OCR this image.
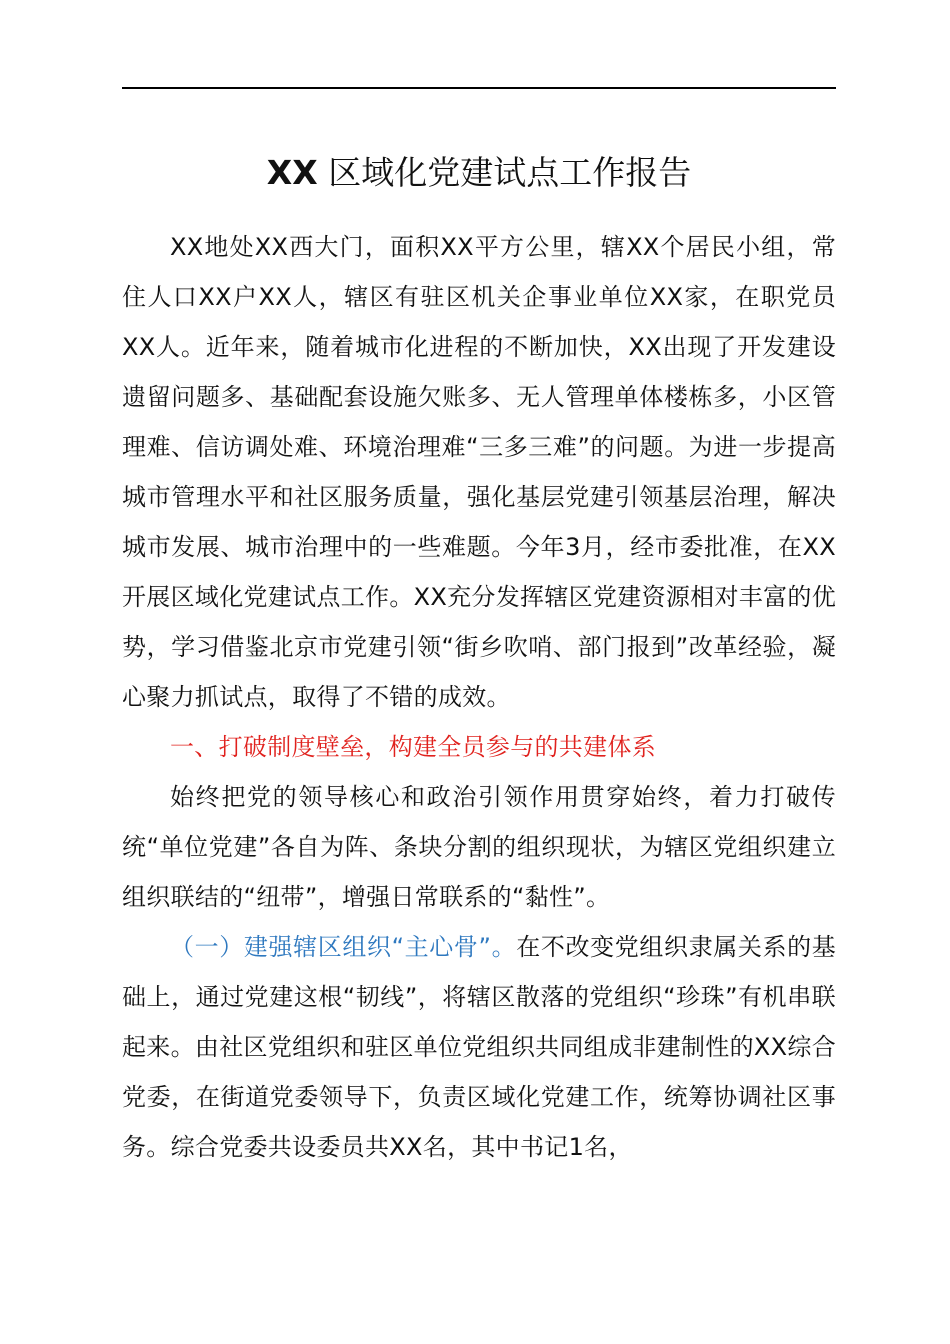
XX 区域化党建试点工作报告

XX地处XX西大门，面积XX平方公里，辖XX个居民小组，常住人口XX户XX人，辖区有驻区机关企事业单位XX家，在职党员XX人。近年来，随着城市化进程的不断加快，XX出现了开发建设遗留问题多、基础配套设施欠账多、无人管理单体楼栋多，小区管理难、信访调处难、环境治理难“三多三难”的问题。为进一步提高城市管理水平和社区服务质量，强化基层党建引领基层治理，解决城市发展、城市治理中的一些难题。今年3月，经市委批准，在XX开展区域化党建试点工作。XX充分发挥辖区党建资源相对丰富的优势，学习借鉴北京市党建引领“街乡吹哨、部门报到”改革经验，凝心聚力抓试点，取得了不错的成效。

一、打破制度壁垒，构建全员参与的共建体系

始终把党的领导核心和政治引领作用贯穿始终，着力打破传统“单位党建”各自为阵、条块分割的组织现状，为辖区党组织建立组织联结的“纽带”，增强日常联系的“黏性”。

（一）建强辖区组织“主心骨”。在不改变党组织隶属关系的基础上，通过党建这根“韧线”，将辖区散落的党组织“珍珠”有机串联起来。由社区党组织和驻区单位党组织共同组成非建制性的XX综合党委，在街道党委领导下，负责区域化党建工作，统筹协调社区事务。综合党委共设委员共XX名，其中书记1名，
